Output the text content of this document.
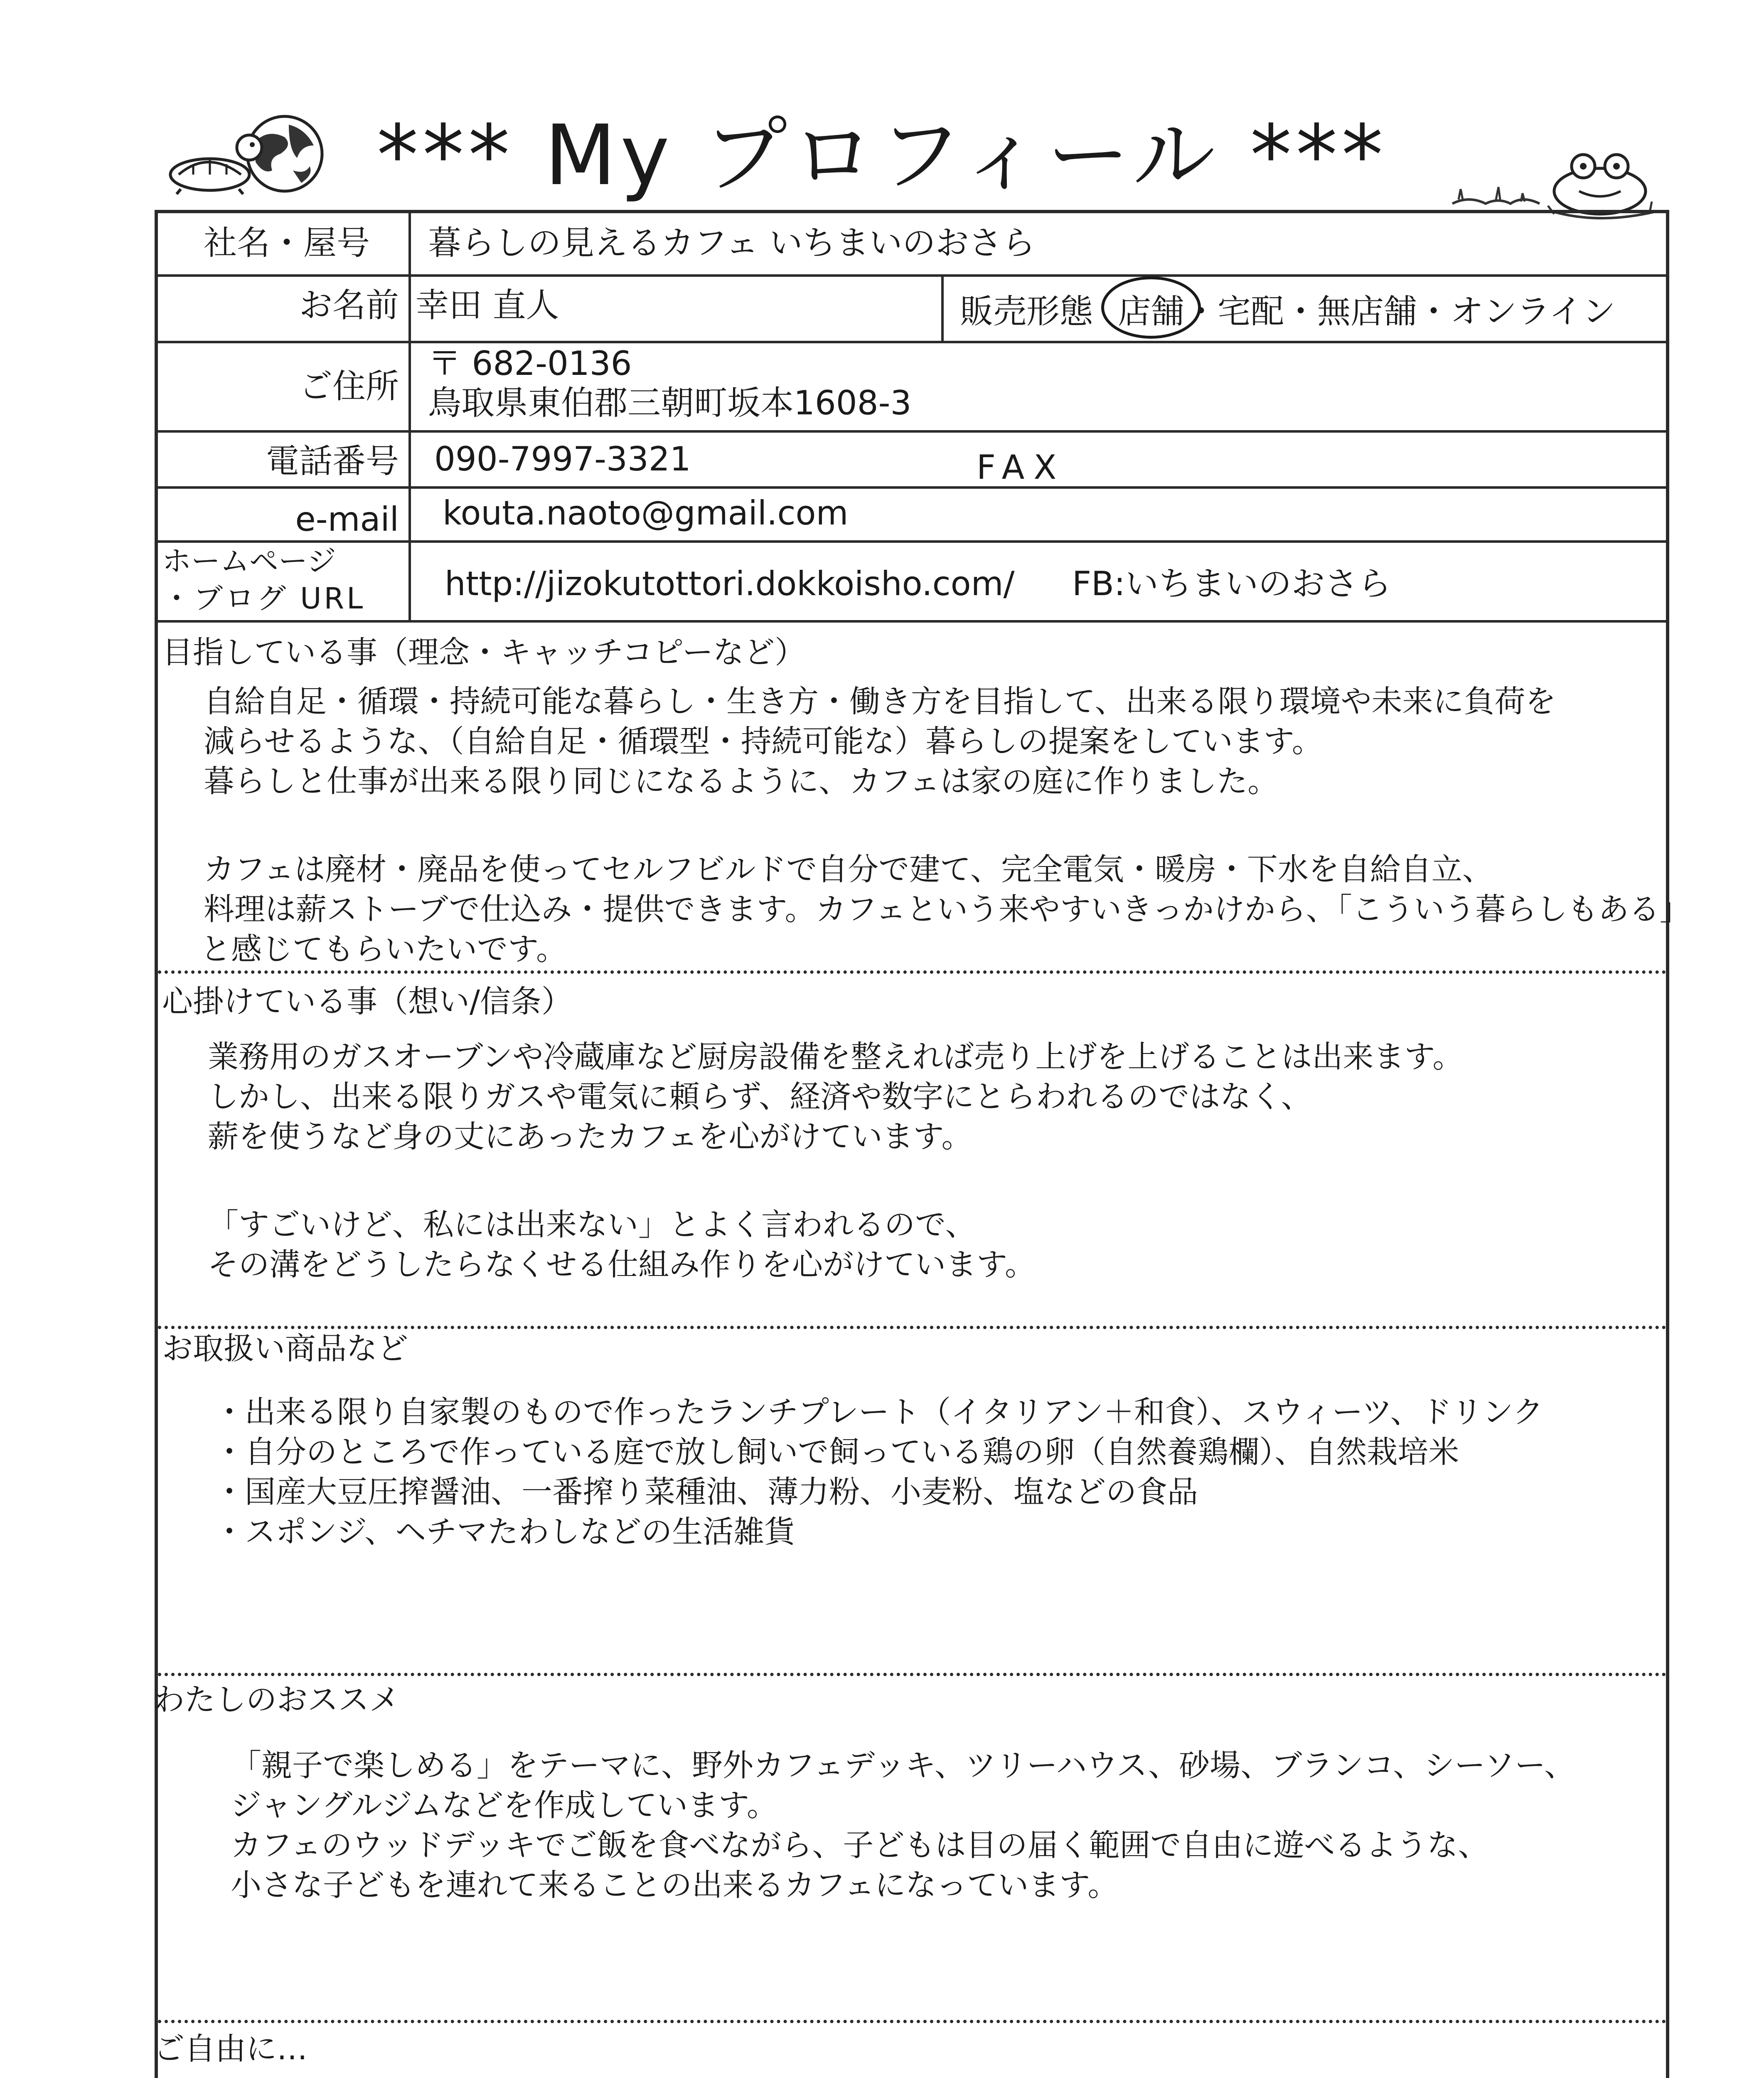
*** My プロフィール ***
社名・屋号 暮らしの見えるカフェ いちまいのおさら
お名前 幸田 直人	販売形態 店舗・宅配・無店舗・オンライン
ご住所
〒 682-0136
鳥取県東伯郡三朝町坂本1608-3
電話番号 090-7997-3321	FAX
e-mail kouta.naoto@gmail.com
ホームページ
・ブログ URL http://jizokutottori.dokkoisho.com/ FB:いちまいのおさら
目指している事（理念・キャッチコピーなど）
自給自足・循環・持続可能な暮らし・生き方・働き方を目指して、出来る限り環境や未来に負荷を
減らせるような、（自給自足・循環型・持続可能な）暮らしの提案をしています。
暮らしと仕事が出来る限り同じになるように、カフェは家の庭に作りました。
カフェは廃材・廃品を使ってセルフビルドで自分で建て、完全電気・暖房・下水を自給自立、
料理は薪ストーブで仕込み・提供できます。カフェという来やすいきっかけから、「こういう暮らしもある」
と感じてもらいたいです。
心掛けている事（想い/信条）
業務用のガスオーブンや冷蔵庫など厨房設備を整えれば売り上げを上げることは出来ます。
しかし、出来る限りガスや電気に頼らず、経済や数字にとらわれるのではなく、
薪を使うなど身の丈にあったカフェを心がけています。
「すごいけど、私には出来ない」とよく言われるので、
その溝をどうしたらなくせる仕組み作りを心がけています。
お取扱い商品など
・出来る限り自家製のもので作ったランチプレート（イタリアン＋和食）、スウィーツ、ドリンク
・自分のところで作っている庭で放し飼いで飼っている鶏の卵（自然養鶏欄）、自然栽培米
・国産大豆圧搾醤油、一番搾り菜種油、薄力粉、小麦粉、塩などの食品
・スポンジ、ヘチマたわしなどの生活雑貨
わたしのおススメ
「親子で楽しめる」をテーマに、野外カフェデッキ、ツリーハウス、砂場、ブランコ、シーソー、
ジャングルジムなどを作成しています。
カフェのウッドデッキでご飯を食べながら、子どもは目の届く範囲で自由に遊べるような、
小さな子どもを連れて来ることの出来るカフェになっています。
ご自由に…
